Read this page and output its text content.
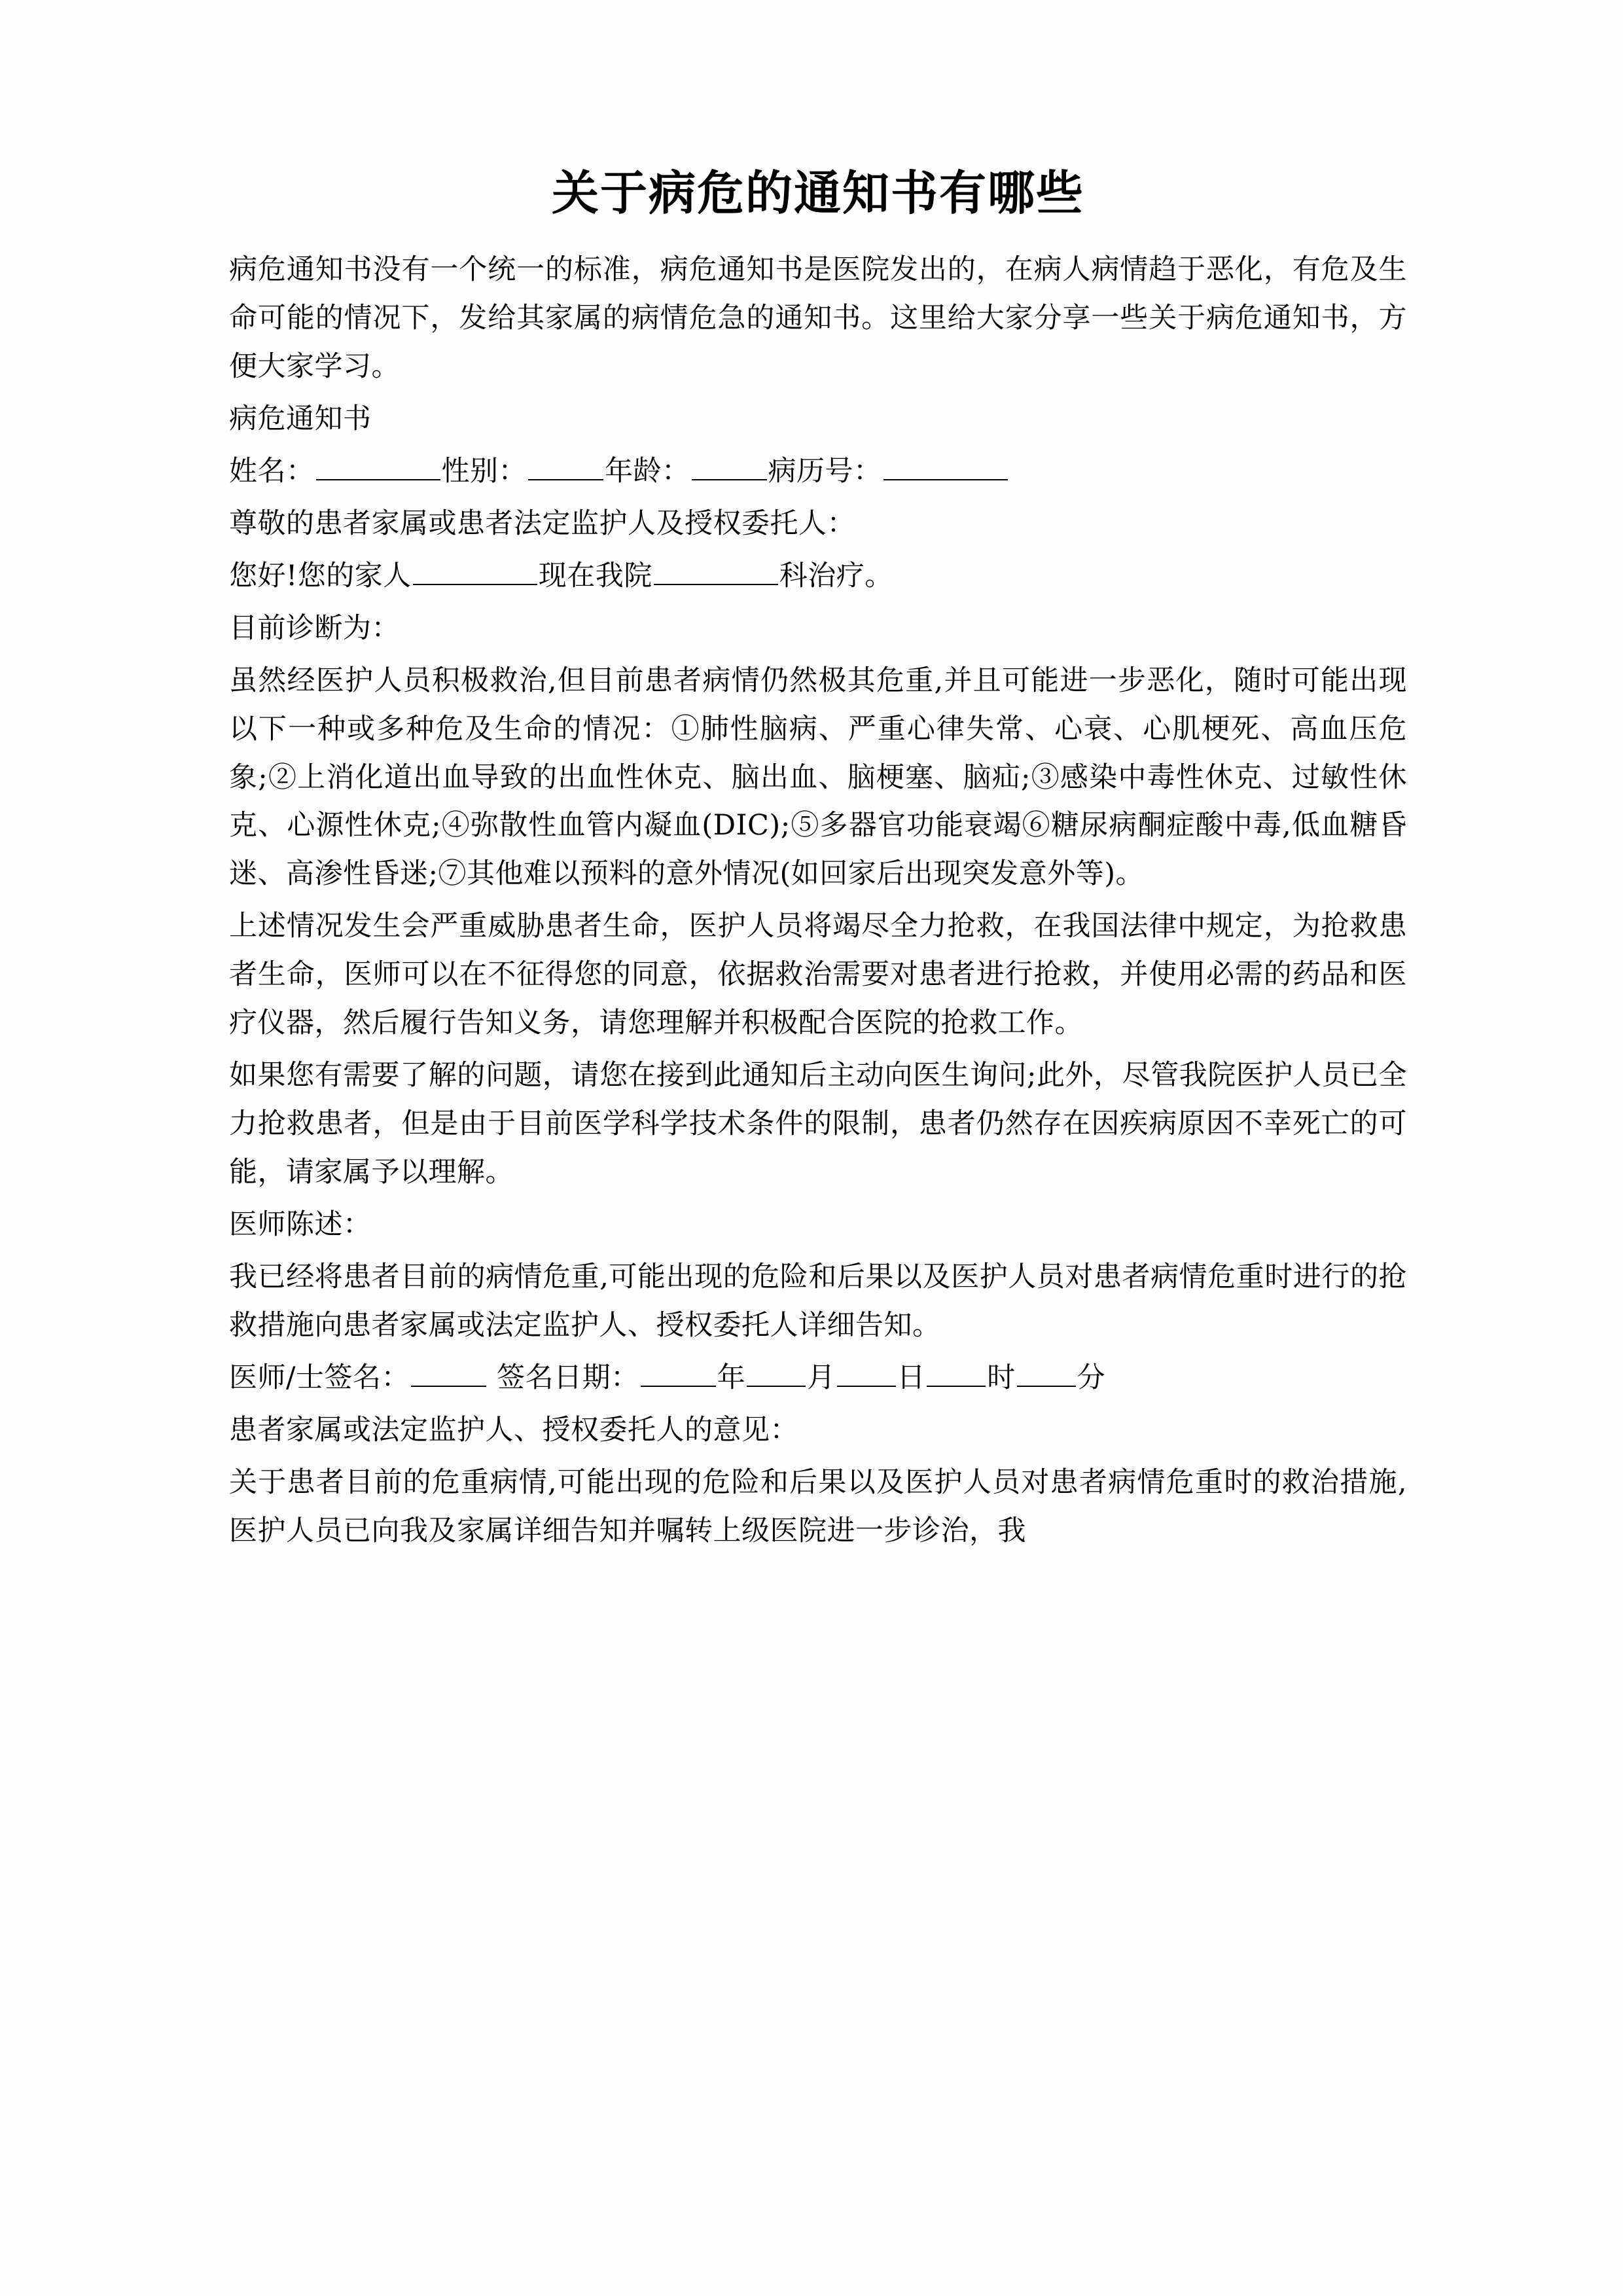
关于病危的通知书有哪些

病危通知书没有一个统一的标准，病危通知书是医院发出的，在病人病情趋于恶化，有危及生命可能的情况下，发给其家属的病情危急的通知书。这里给大家分享一些关于病危通知书，方便大家学习。

病危通知书

姓名：	性别：	年龄：	病历号：

尊敬的患者家属或患者法定监护人及授权委托人：

您好!您的家人	现在我院	科治疗。

目前诊断为：

虽然经医护人员积极救治,但目前患者病情仍然极其危重,并且可能进一步恶化，随时可能出现以下一种或多种危及生命的情况：①肺性脑病、严重心律失常、心衰、心肌梗死、高血压危象;②上消化道出血导致的出血性休克、脑出血、脑梗塞、脑疝;③感染中毒性休克、过敏性休克、心源性休克;④弥散性血管内凝血(DIC);⑤多器官功能衰竭⑥糖尿病酮症酸中毒,低血糖昏迷、高渗性昏迷;⑦其他难以预料的意外情况(如回家后出现突发意外等)。

上述情况发生会严重威胁患者生命，医护人员将竭尽全力抢救，在我国法律中规定，为抢救患者生命，医师可以在不征得您的同意，依据救治需要对患者进行抢救，并使用必需的药品和医疗仪器，然后履行告知义务，请您理解并积极配合医院的抢救工作。

如果您有需要了解的问题，请您在接到此通知后主动向医生询问;此外，尽管我院医护人员已全力抢救患者，但是由于目前医学科学技术条件的限制，患者仍然存在因疾病原因不幸死亡的可能，请家属予以理解。

医师陈述：

我已经将患者目前的病情危重,可能出现的危险和后果以及医护人员对患者病情危重时进行的抢救措施向患者家属或法定监护人、授权委托人详细告知。

医师/士签名：	签名日期：	年 月 日 时 分

患者家属或法定监护人、授权委托人的意见：

关于患者目前的危重病情,可能出现的危险和后果以及医护人员对患者病情危重时的救治措施,医护人员已向我及家属详细告知并嘱转上级医院进一步诊治，我
